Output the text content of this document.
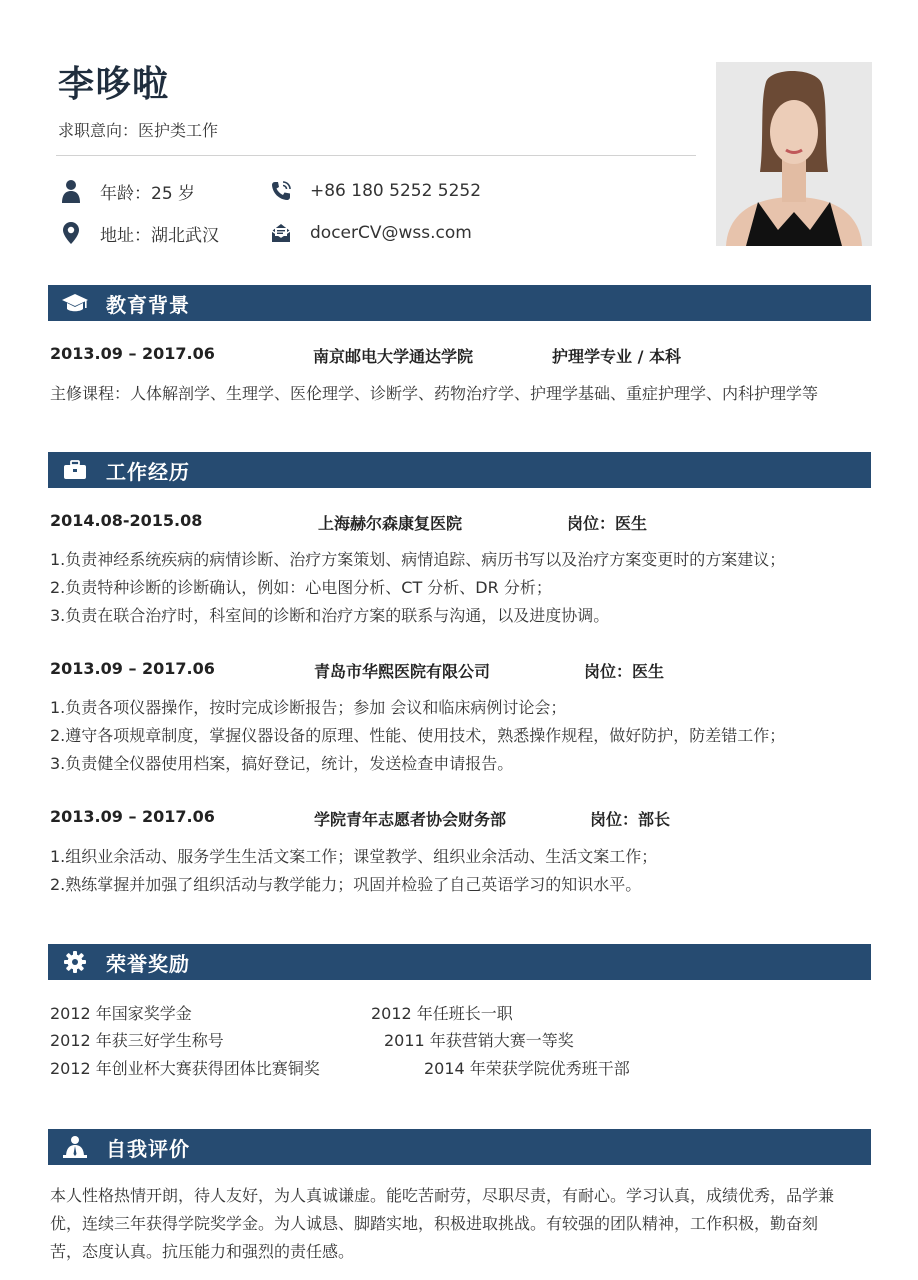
李哆啦
求职意向：医护类工作
年龄：25 岁	+86 180 5252 5252
地址：湖北武汉	docerCV@wss.com
教育背景
2013.09 – 2017.06	南京邮电大学通达学院	护理学专业 / 本科
主修课程：人体解剖学、生理学、医伦理学、诊断学、药物治疗学、护理学基础、重症护理学、内科护理学等
工作经历
2014.08-2015.08	上海赫尔森康复医院	岗位：医生
1.负责神经系统疾病的病情诊断、治疗方案策划、病情追踪、病历书写以及治疗方案变更时的方案建议；
2.负责特种诊断的诊断确认，例如：心电图分析、CT 分析、DR 分析；
3.负责在联合治疗时，科室间的诊断和治疗方案的联系与沟通，以及进度协调。
2013.09 – 2017.06	青岛市华熙医院有限公司	岗位：医生
1.负责各项仪器操作，按时完成诊断报告；参加 会议和临床病例讨论会；
2.遵守各项规章制度，掌握仪器设备的原理、性能、使用技术，熟悉操作规程，做好防护，防差错工作；
3.负责健全仪器使用档案，搞好登记，统计，发送检查申请报告。
2013.09 – 2017.06	学院青年志愿者协会财务部	岗位：部长
1.组织业余活动、服务学生生活文案工作；课堂教学、组织业余活动、生活文案工作；
2.熟练掌握并加强了组织活动与教学能力；巩固并检验了自己英语学习的知识水平。
荣誉奖励
2012 年国家奖学金	2012 年任班长一职
2012 年获三好学生称号	2011 年获营销大赛一等奖
2012 年创业杯大赛获得团体比赛铜奖	2014 年荣获学院优秀班干部
自我评价
本人性格热情开朗，待人友好，为人真诚谦虚。能吃苦耐劳，尽职尽责，有耐心。学习认真，成绩优秀，品学兼优，连续三年获得学院奖学金。为人诚恳、脚踏实地，积极进取挑战。有较强的团队精神，工作积极，勤奋刻苦，态度认真。抗压能力和强烈的责任感。
